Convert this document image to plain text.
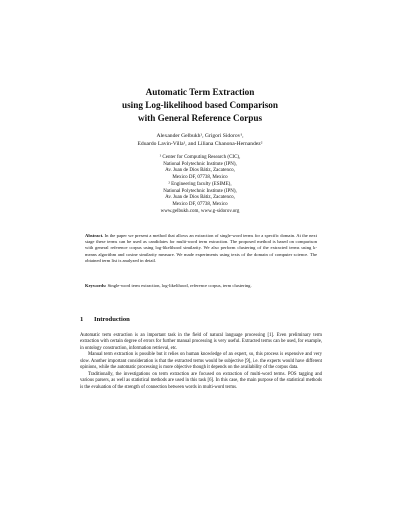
Automatic Term Extraction
using Log-likelihood based Comparison
with General Reference Corpus
Alexander Gelbukh¹, Grigori Sidorov¹,
Eduardo Lavin-Villa¹, and Liliana Chanona-Hernandez²
¹ Center for Computing Research (CIC),
National Polytechnic Institute (IPN),
Av. Juan de Dios Bátiz, Zacatenco,
Mexico DF, 07738, Mexico
² Engineering faculty (ESIME),
National Polytechnic Institute (IPN),
Av. Juan de Dios Bátiz, Zacatenco,
Mexico DF, 07738, Mexico
www.gelbukh.com, www.g-sidorov.org
Abstract. In the paper we present a method that allows an extraction of single-word terms for a specific domain. At the next stage these terms can be used as candidates for multi-word term extraction. The proposed method is based on comparison with general reference corpus using log-likelihood similarity. We also perform clustering of the extracted terms using k-means algorithm and cosine similarity measure. We made experiments using texts of the domain of computer science. The obtained term list is analyzed in detail.
Keywords: Single-word term extraction, log-likelihood, reference corpus, term clustering.
1 Introduction

Automatic term extraction is an important task in the field of natural language processing [1]. Even preliminary term extraction with certain degree of errors for further manual processing is very useful. Extracted terms can be used, for example, in ontology construction, information retrieval, etc.

Manual term extraction is possible but it relies on human knowledge of an expert, so, this process is expensive and very slow. Another important consideration is that the extracted terms would be subjective [9], i.e. the experts would have different opinions, while the automatic processing is more objective though it depends on the availability of the corpus data.

Traditionally, the investigations on term extraction are focused on extraction of multi-word terms. POS tagging and various parsers, as well as statistical methods are used in this task [6]. In this case, the main purpose of the statistical methods is the evaluation of the strength of connection between words in multi-word terms.
